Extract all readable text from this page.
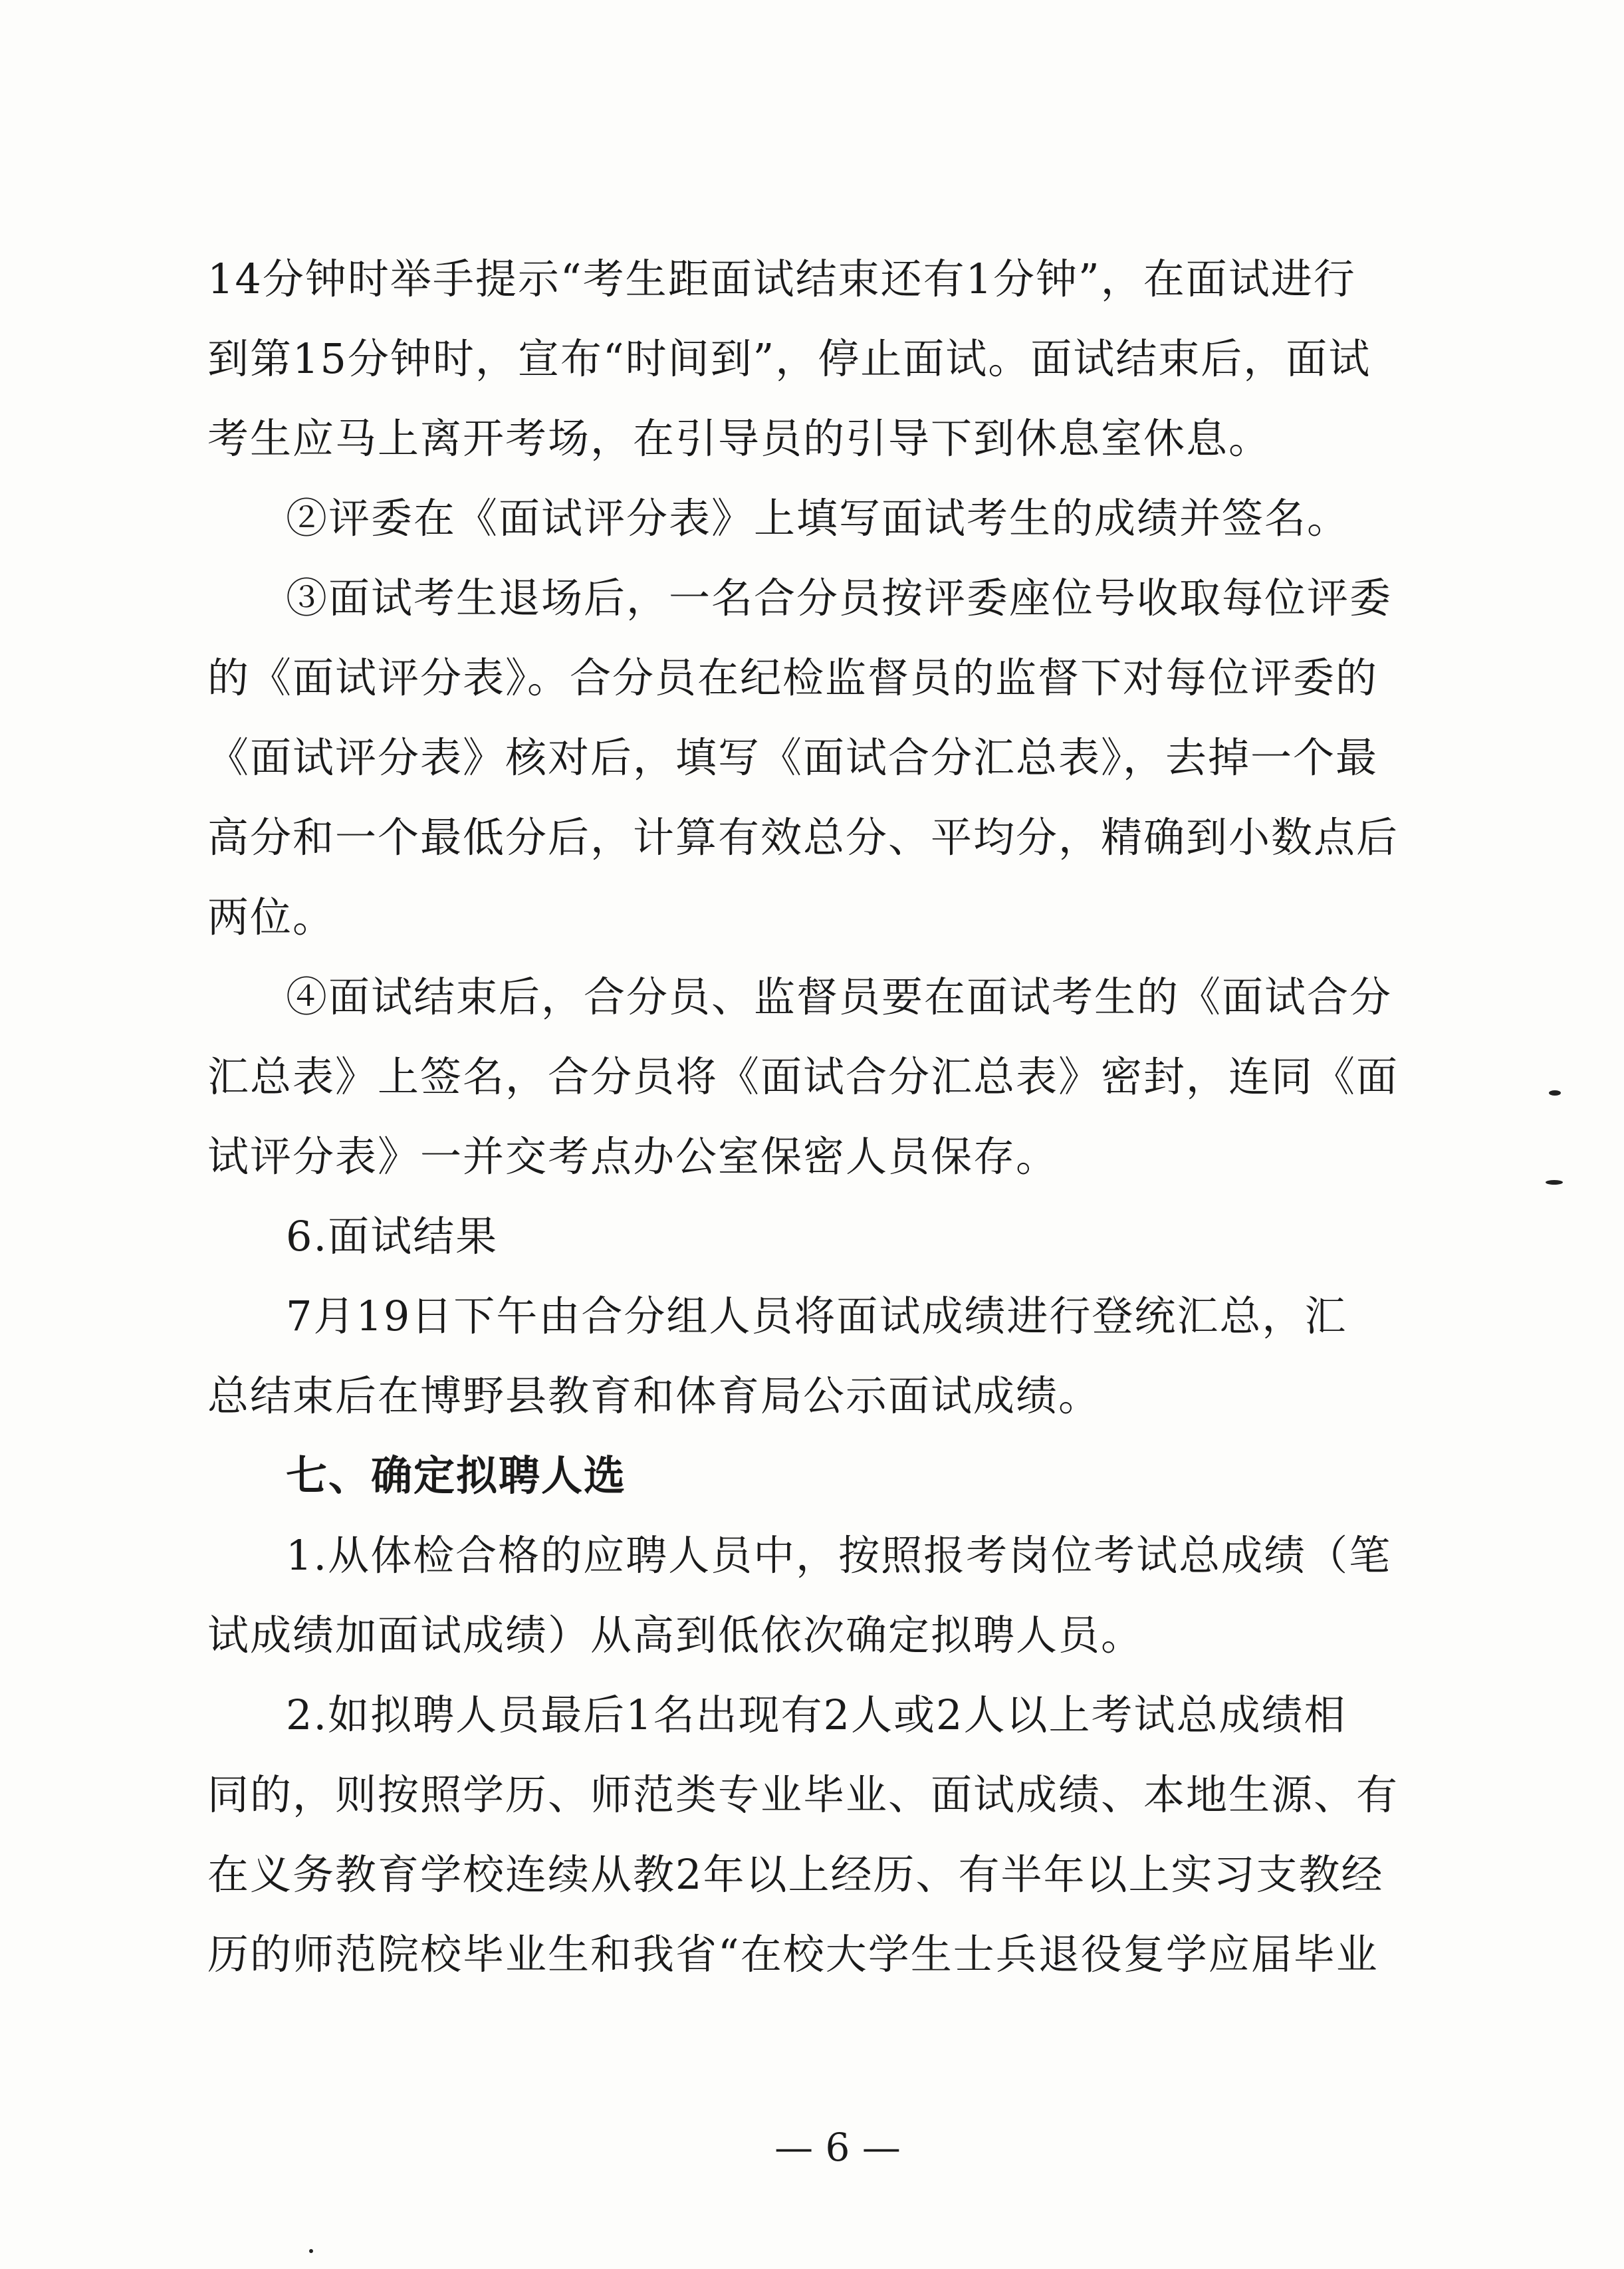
14分钟时举手提示“考生距面试结束还有1分钟”，在面试进行
到第15分钟时，宣布“时间到”，停止面试。面试结束后，面试
考生应马上离开考场，在引导员的引导下到休息室休息。
②评委在《面试评分表》上填写面试考生的成绩并签名。
③面试考生退场后，一名合分员按评委座位号收取每位评委
的《面试评分表》。合分员在纪检监督员的监督下对每位评委的
《面试评分表》核对后，填写《面试合分汇总表》，去掉一个最
高分和一个最低分后，计算有效总分、平均分，精确到小数点后
两位。
④面试结束后，合分员、监督员要在面试考生的《面试合分
汇总表》上签名，合分员将《面试合分汇总表》密封，连同《面
试评分表》一并交考点办公室保密人员保存。
6.面试结果
7月19日下午由合分组人员将面试成绩进行登统汇总，汇
总结束后在博野县教育和体育局公示面试成绩。
七、确定拟聘人选
1.从体检合格的应聘人员中，按照报考岗位考试总成绩（笔
试成绩加面试成绩）从高到低依次确定拟聘人员。
2.如拟聘人员最后1名出现有2人或2人以上考试总成绩相
同的，则按照学历、师范类专业毕业、面试成绩、本地生源、有
在义务教育学校连续从教2年以上经历、有半年以上实习支教经
历的师范院校毕业生和我省“在校大学生士兵退役复学应届毕业
— 6 —
